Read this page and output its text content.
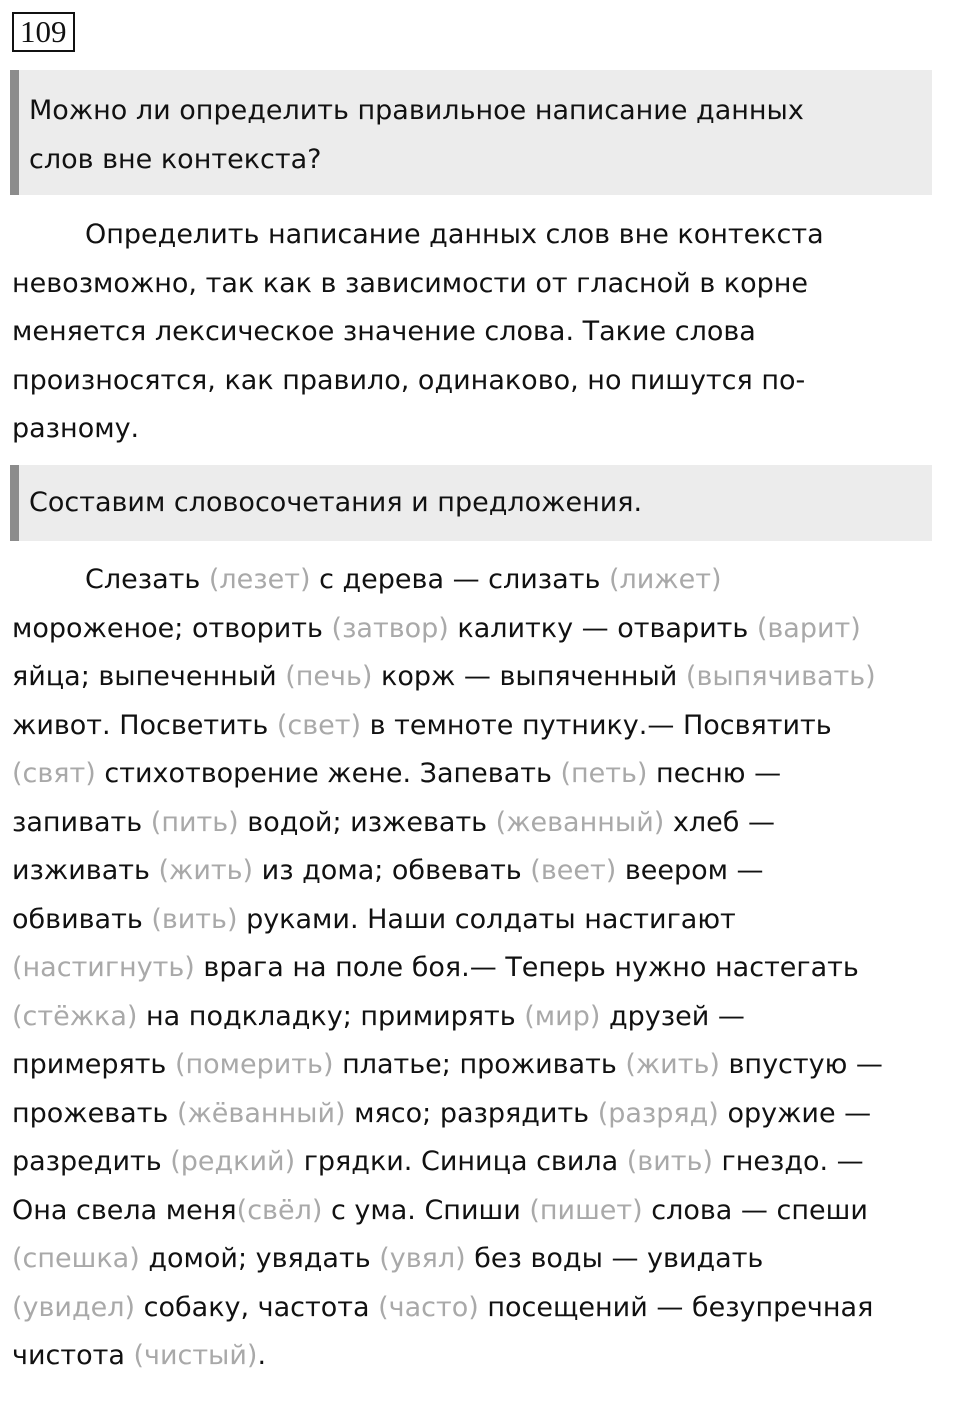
109
Можно ли определить правильное написание данных
слов вне контекста?
Определить написание данных слов вне контекста
невозможно, так как в зависимости от гласной в корне
меняется лексическое значение слова. Такие слова
произносятся, как правило, одинаково, но пишутся по-
разному.
Составим словосочетания и предложения.
Слезать (лезет) с дерева — слизать (лижет)
мороженое; отворить (затвор) калитку — отварить (варит)
яйца; выпеченный (печь) корж — выпяченный (выпячивать)
живот. Посветить (свет) в темноте путнику.— Посвятить
(свят) стихотворение жене. Запевать (петь) песню —
запивать (пить) водой; изжевать (жеванный) хлеб —
изживать (жить) из дома; обвевать (веет) веером —
обвивать (вить) руками. Наши солдаты настигают
(настигнуть) врага на поле боя.— Теперь нужно настегать
(стёжка) на подкладку; примирять (мир) друзей —
примерять (померить) платье; проживать (жить) впустую —
прожевать (жёванный) мясо; разрядить (разряд) оружие —
разредить (редкий) грядки. Синица свила (вить) гнездо. —
Она свела меня(свёл) с ума. Спиши (пишет) слова — спеши
(спешка) домой; увядать (увял) без воды — увидать
(увидел) собаку, частота (часто) посещений — безупречная
чистота (чистый).
